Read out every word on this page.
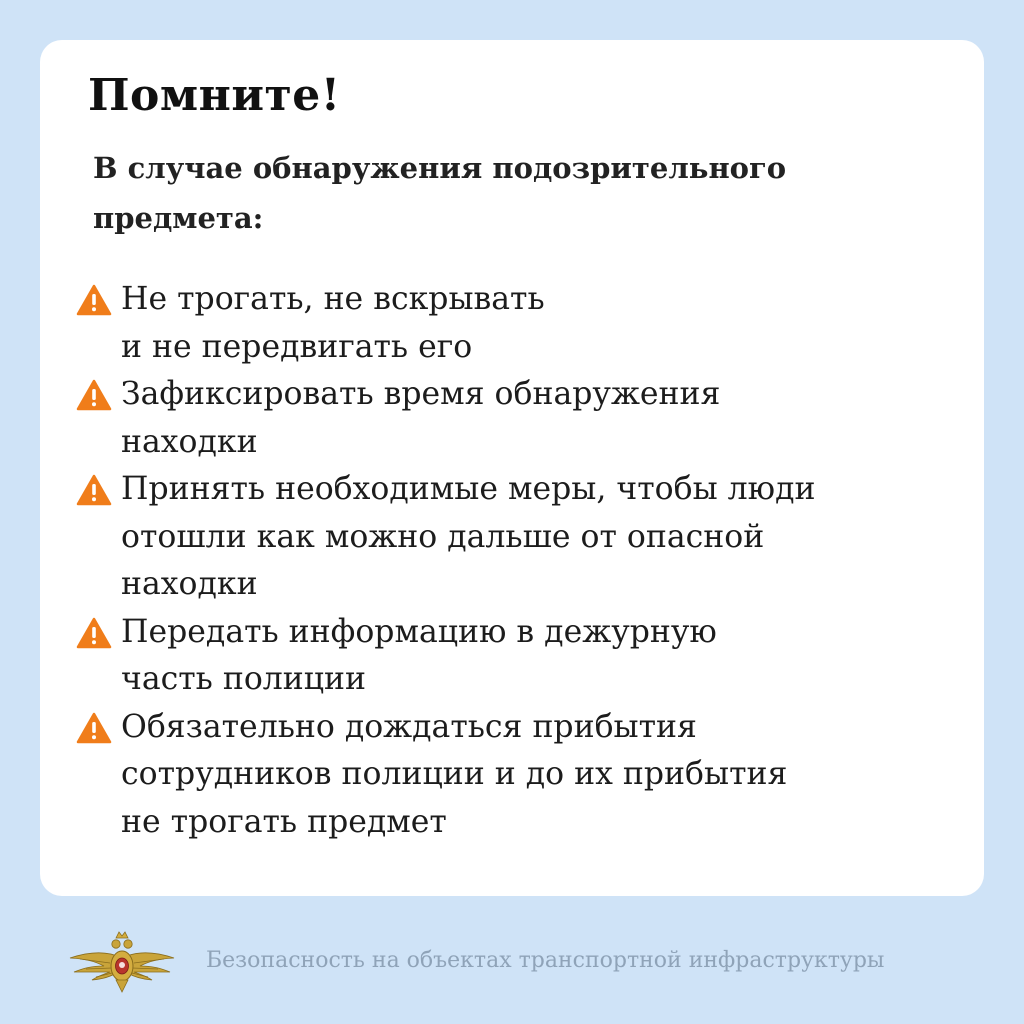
Помните!

В случае обнаружения подозрительного предмета:

Не трогать, не вскрывать
и не передвигать его
Зафиксировать время обнаружения
находки
Принять необходимые меры, чтобы люди
отошли как можно дальше от опасной
находки
Передать информацию в дежурную
часть полиции
Обязательно дождаться прибытия
сотрудников полиции и до их прибытия
не трогать предмет
Безопасность на объектах транспортной инфраструктуры
